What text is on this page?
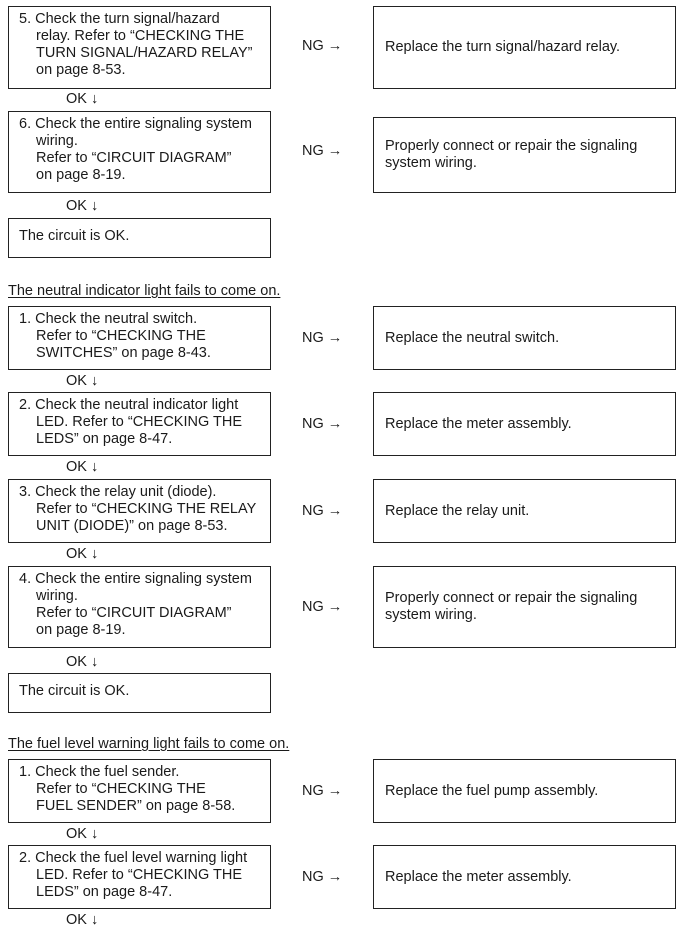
5. Check the turn signal/hazard
relay. Refer to “CHECKING THE
TURN SIGNAL/HAZARD RELAY”
on page 8-53.
NG →	Replace the turn signal/hazard relay.
OK ↓
6. Check the entire signaling system
wiring.
Refer to “CIRCUIT DIAGRAM”
on page 8-19.
NG →	Properly connect or repair the signaling
system wiring.
OK ↓
The circuit is OK.
The neutral indicator light fails to come on.
1. Check the neutral switch.
Refer to “CHECKING THE
SWITCHES” on page 8-43.
NG →	Replace the neutral switch.
OK ↓
2. Check the neutral indicator light
LED. Refer to “CHECKING THE
LEDS” on page 8-47.
NG →	Replace the meter assembly.
OK ↓
3. Check the relay unit (diode).
Refer to “CHECKING THE RELAY
UNIT (DIODE)” on page 8-53.
NG →	Replace the relay unit.
OK ↓
4. Check the entire signaling system
wiring.
Refer to “CIRCUIT DIAGRAM”
on page 8-19.
NG →
Properly connect or repair the signaling
system wiring.
OK ↓
The circuit is OK.
The fuel level warning light fails to come on.
1. Check the fuel sender.
Refer to “CHECKING THE
FUEL SENDER” on page 8-58.
NG →	Replace the fuel pump assembly.
OK ↓
2. Check the fuel level warning light
LED. Refer to “CHECKING THE
LEDS” on page 8-47.
NG →	Replace the meter assembly.
OK ↓
